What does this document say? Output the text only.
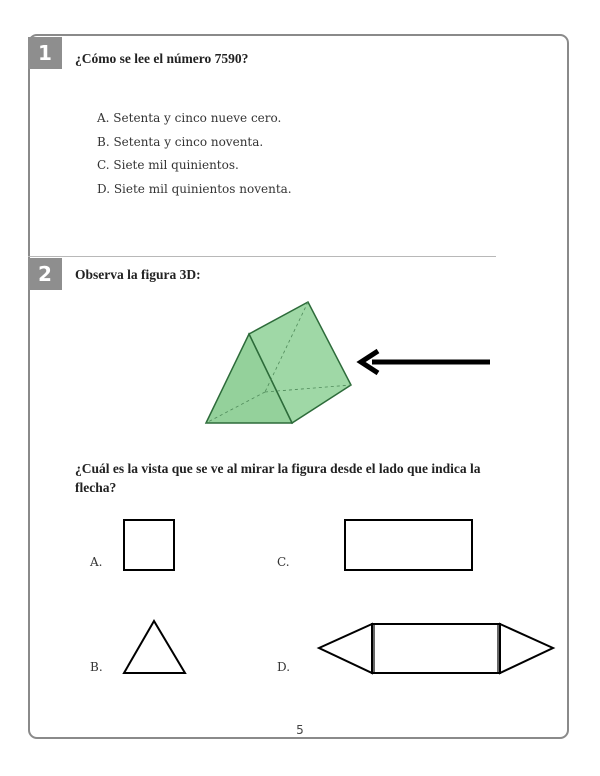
1	¿Cómo se lee el número 7590?
A. Setenta y cinco nueve cero.
B. Setenta y cinco noventa.
C. Siete mil quinientos.
D. Siete mil quinientos noventa.
2	Observa la figura 3D:
¿Cuál es la vista que se ve al mirar la figura desde el lado que indica la
flecha?
A.	C.
B.	D.
5
